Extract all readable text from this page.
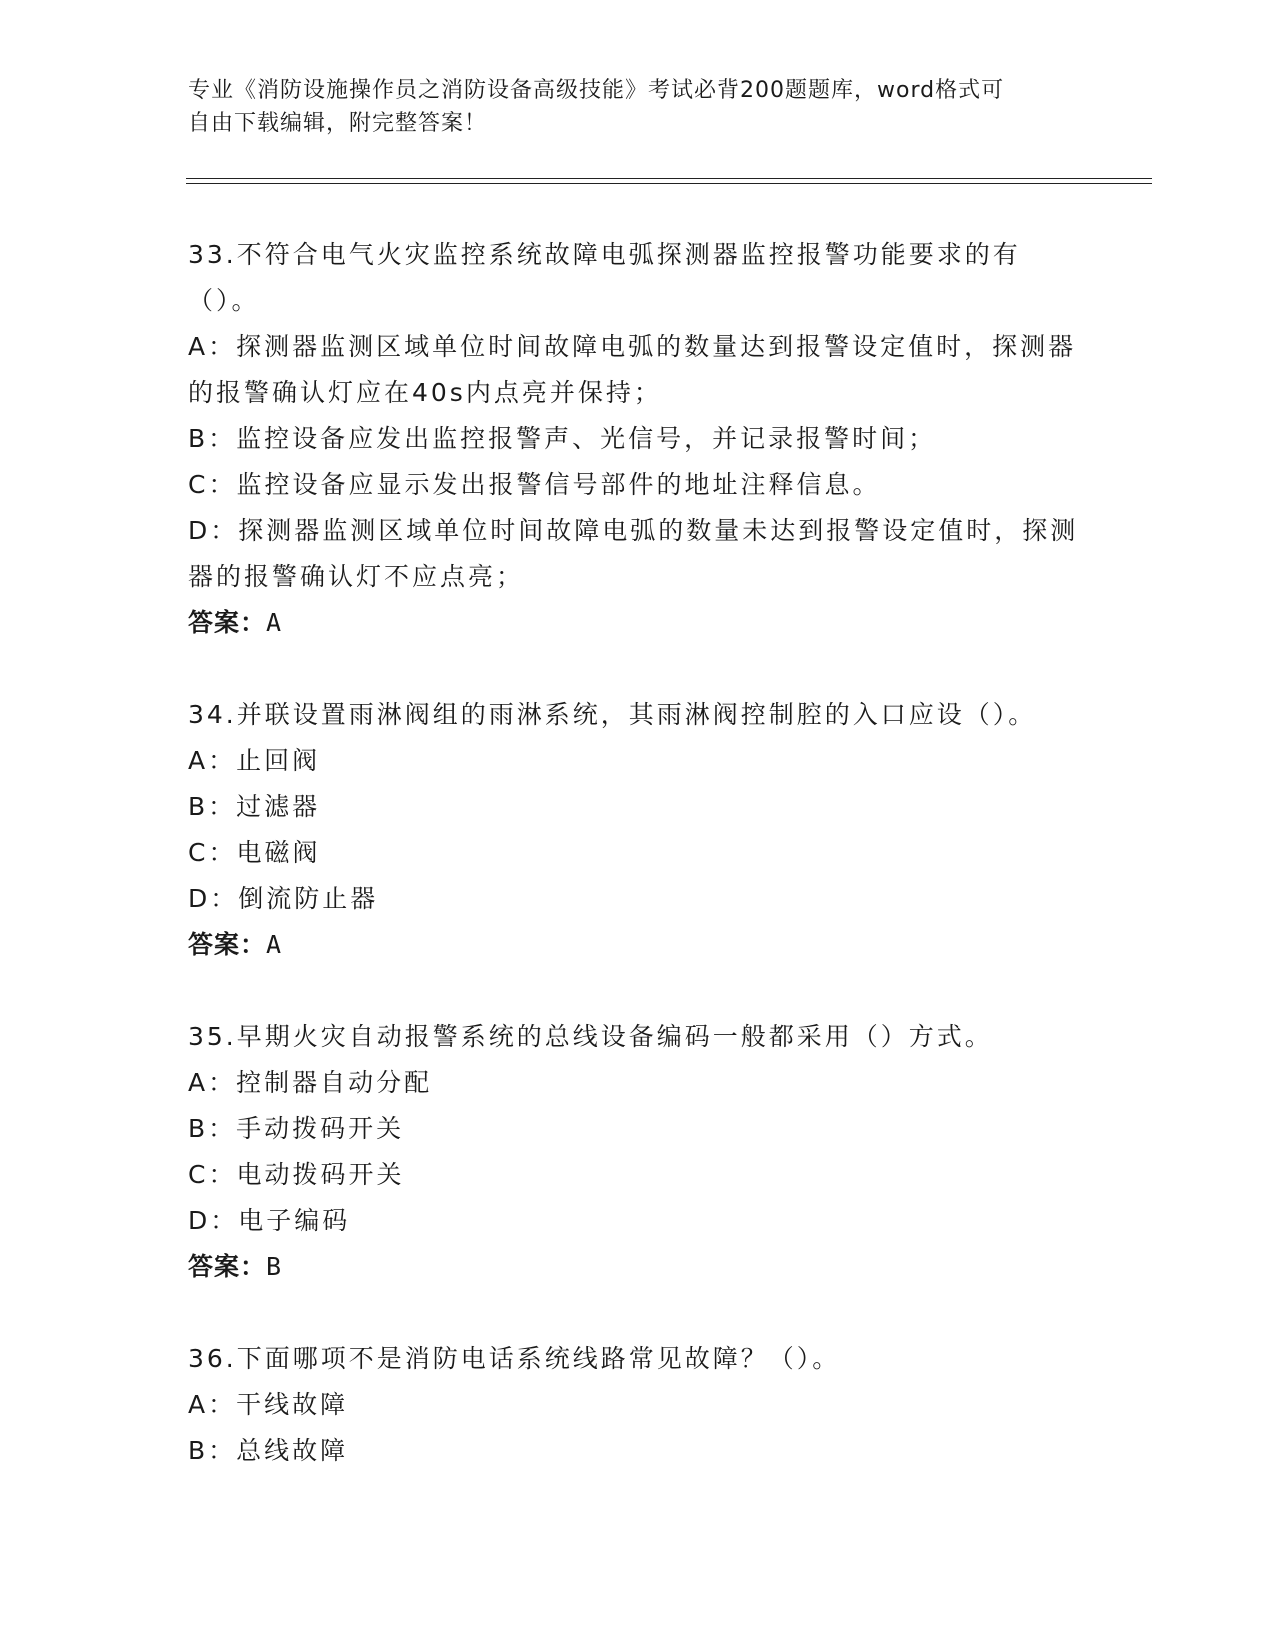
专业《消防设施操作员之消防设备高级技能》考试必背200题题库，word格式可
自由下载编辑，附完整答案！

33.不符合电气火灾监控系统故障电弧探测器监控报警功能要求的有（）。

A：探测器监测区域单位时间故障电弧的数量达到报警设定值时，探测器的报警确认灯应在40s内点亮并保持；

B：监控设备应发出监控报警声、光信号，并记录报警时间；

C：监控设备应显示发出报警信号部件的地址注释信息。

D：探测器监测区域单位时间故障电弧的数量未达到报警设定值时，探测器的报警确认灯不应点亮；

答案：A

34.并联设置雨淋阀组的雨淋系统，其雨淋阀控制腔的入口应设（）。

A：止回阀

B：过滤器

C：电磁阀

D：倒流防止器

答案：A

35.早期火灾自动报警系统的总线设备编码一般都采用（）方式。

A：控制器自动分配

B：手动拨码开关

C：电动拨码开关

D：电子编码

答案：B

36.下面哪项不是消防电话系统线路常见故障？（）。

A：干线故障

B：总线故障
